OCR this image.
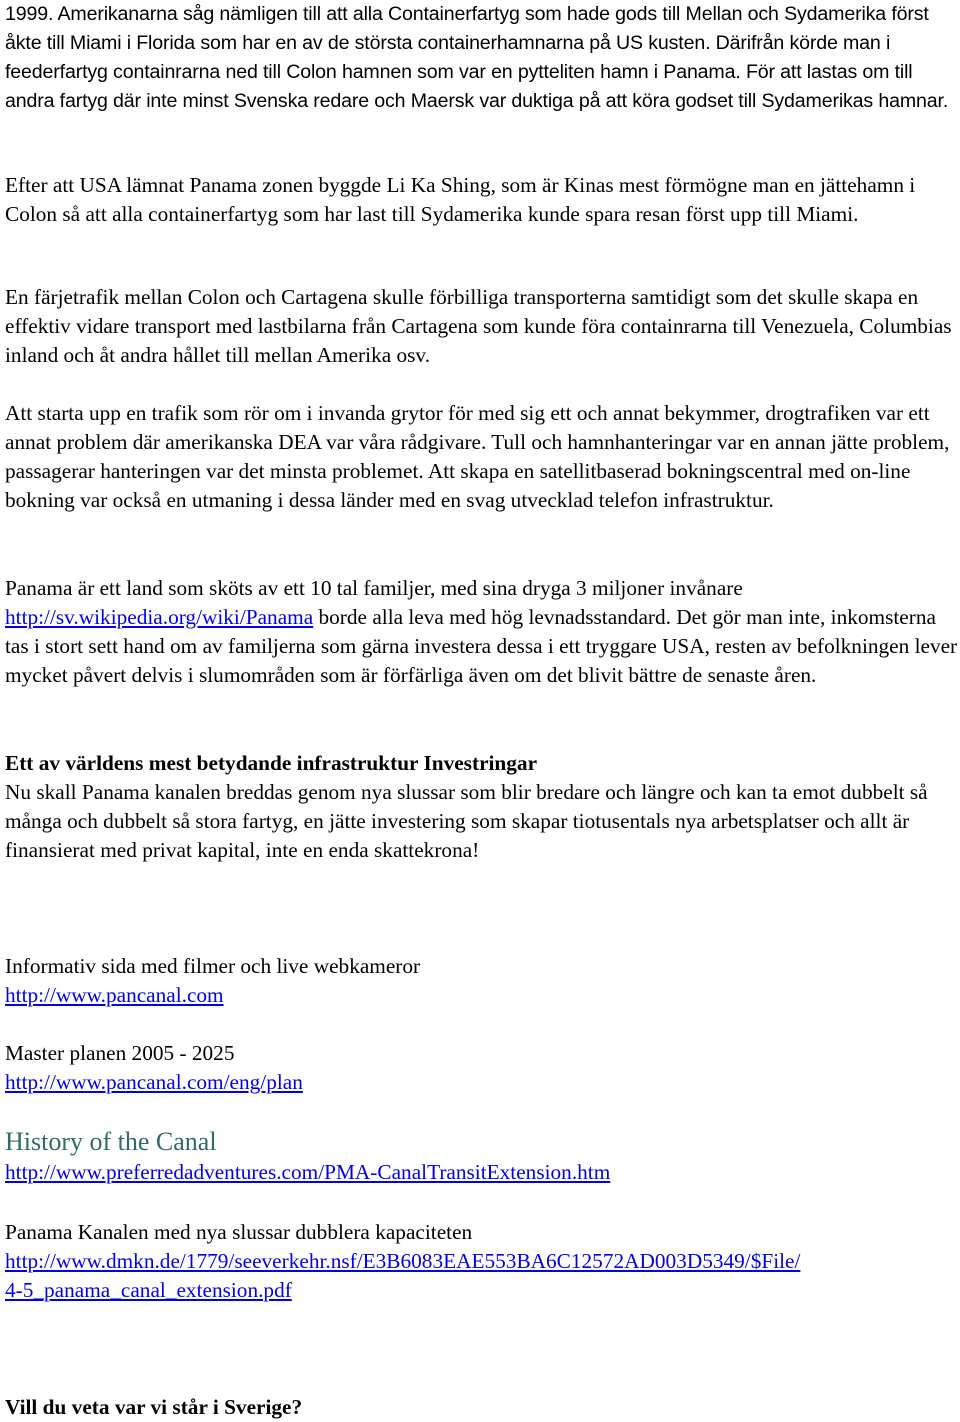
1999. Amerikanarna såg nämligen till att alla Containerfartyg som hade gods till Mellan och Sydamerika först åkte till Miami i Florida som har en av de största containerhamnarna på US kusten. Därifrån körde man i feederfartyg containrarna ned till Colon hamnen som var en pytteliten hamn i Panama. För att lastas om till andra fartyg där inte minst Svenska redare och Maersk var duktiga på att köra godset till Sydamerikas hamnar.

Efter att USA lämnat Panama zonen byggde Li Ka Shing, som är Kinas mest förmögne man en jättehamn i Colon så att alla containerfartyg som har last till Sydamerika kunde spara resan först upp till Miami.

En färjetrafik mellan Colon och Cartagena skulle förbilliga transporterna samtidigt som det skulle skapa en effektiv vidare transport med lastbilarna från Cartagena som kunde föra containrarna till Venezuela, Columbias inland och åt andra hållet till mellan Amerika osv.

Att starta upp en trafik som rör om i invanda grytor för med sig ett och annat bekymmer, drogtrafiken var ett annat problem där amerikanska DEA var våra rådgivare. Tull och hamnhanteringar var en annan jätte problem, passagerar hanteringen var det minsta problemet. Att skapa en satellitbaserad bokningscentral med on-line bokning var också en utmaning i dessa länder med en svag utvecklad telefon infrastruktur.

Panama är ett land som sköts av ett 10 tal familjer, med sina dryga 3 miljoner invånare http://sv.wikipedia.org/wiki/Panama borde alla leva med hög levnadsstandard. Det gör man inte, inkomsterna tas i stort sett hand om av familjerna som gärna investera dessa i ett tryggare USA, resten av befolkningen lever mycket påvert delvis i slumområden som är förfärliga även om det blivit bättre de senaste åren.

Ett av världens mest betydande infrastruktur Investringar
Nu skall Panama kanalen breddas genom nya slussar som blir bredare och längre och kan ta emot dubbelt så många och dubbelt så stora fartyg, en jätte investering som skapar tiotusentals nya arbetsplatser och allt är finansierat med privat kapital, inte en enda skattekrona!
Informativ sida med filmer och live webkameror
http://www.pancanal.com
Master planen 2005 - 2025
http://www.pancanal.com/eng/plan
History of the Canal
http://www.preferredadventures.com/PMA-CanalTransitExtension.htm
Panama Kanalen med nya slussar dubblera kapaciteten
http://www.dmkn.de/1779/seeverkehr.nsf/E3B6083EAE553BA6C12572AD003D5349/$File/
4-5_panama_canal_extension.pdf
Vill du veta var vi står i Sverige?
